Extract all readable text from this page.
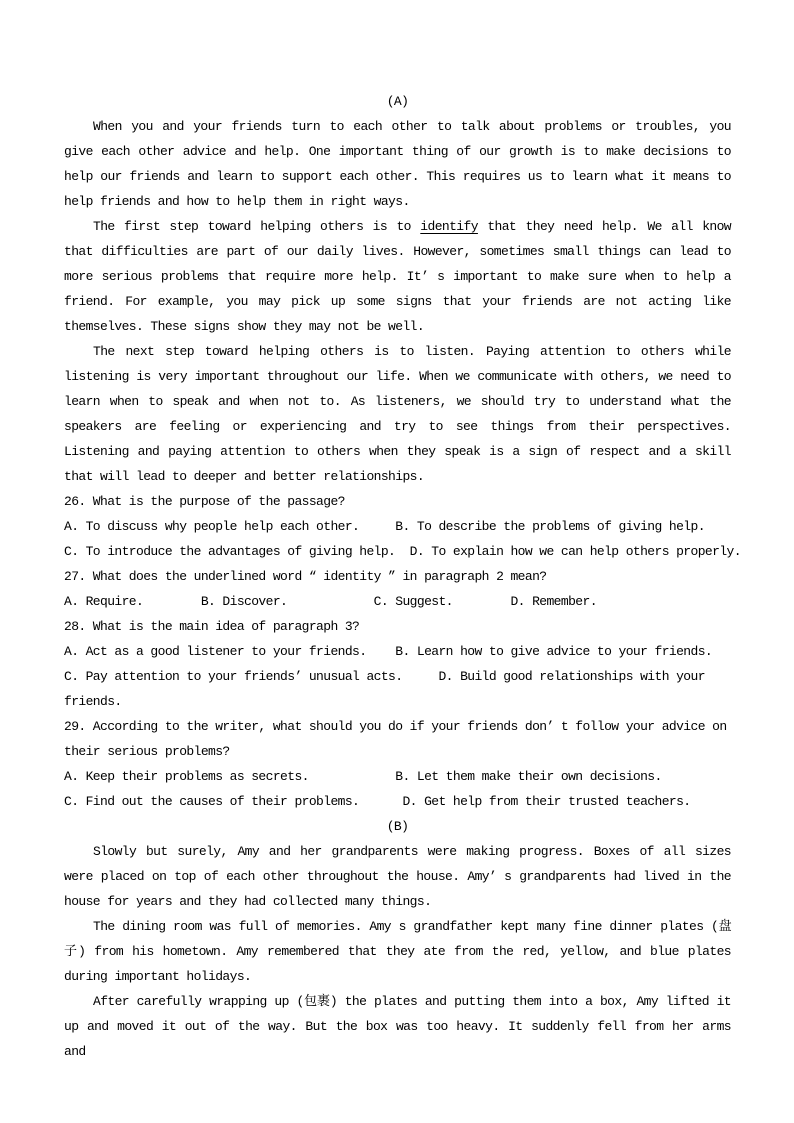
(A)
When you and your friends turn to each other to talk about problems or troubles, you give each other advice and help. One important thing of our growth is to make decisions to help our friends and learn to support each other. This requires us to learn what it means to help friends and how to help them in right ways.
The first step toward helping others is to identify that they need help. We all know that difficulties are part of our daily lives. However, sometimes small things can lead to more serious problems that require more help. It’ s important to make sure when to help a friend. For example, you may pick up some signs that your friends are not acting like themselves. These signs show they may not be well.
The next step toward helping others is to listen. Paying attention to others while listening is very important throughout our life. When we communicate with others, we need to learn when to speak and when not to. As listeners, we should try to understand what the speakers are feeling or experiencing and try to see things from their perspectives. Listening and paying attention to others when they speak is a sign of respect and a skill that will lead to deeper and better relationships.
26. What is the purpose of the passage?
A. To discuss why people help each other.     B. To describe the problems of giving help.
C. To introduce the advantages of giving help.  D. To explain how we can help others properly.
27. What does the underlined word “ identity ” in paragraph 2 mean?
A. Require.        B. Discover.            C. Suggest.        D. Remember.
28. What is the main idea of paragraph 3?
A. Act as a good listener to your friends.    B. Learn how to give advice to your friends.
C. Pay attention to your friends’ unusual acts.     D. Build good relationships with your
friends.
29. According to the writer, what should you do if your friends don’ t follow your advice on
their serious problems?
A. Keep their problems as secrets.            B. Let them make their own decisions.
C. Find out the causes of their problems.      D. Get help from their trusted teachers.
(B)
Slowly but surely, Amy and her grandparents were making progress. Boxes of all sizes were placed on top of each other throughout the house. Amy’ s grandparents had lived in the house for years and they had collected many things.
The dining room was full of memories. Amy s grandfather kept many fine dinner plates (盘子) from his hometown. Amy remembered that they ate from the red, yellow, and blue plates during important holidays.
After carefully wrapping up (包裹) the plates and putting them into a box, Amy lifted it up and moved it out of the way. But the box was too heavy. It suddenly fell from her arms and
